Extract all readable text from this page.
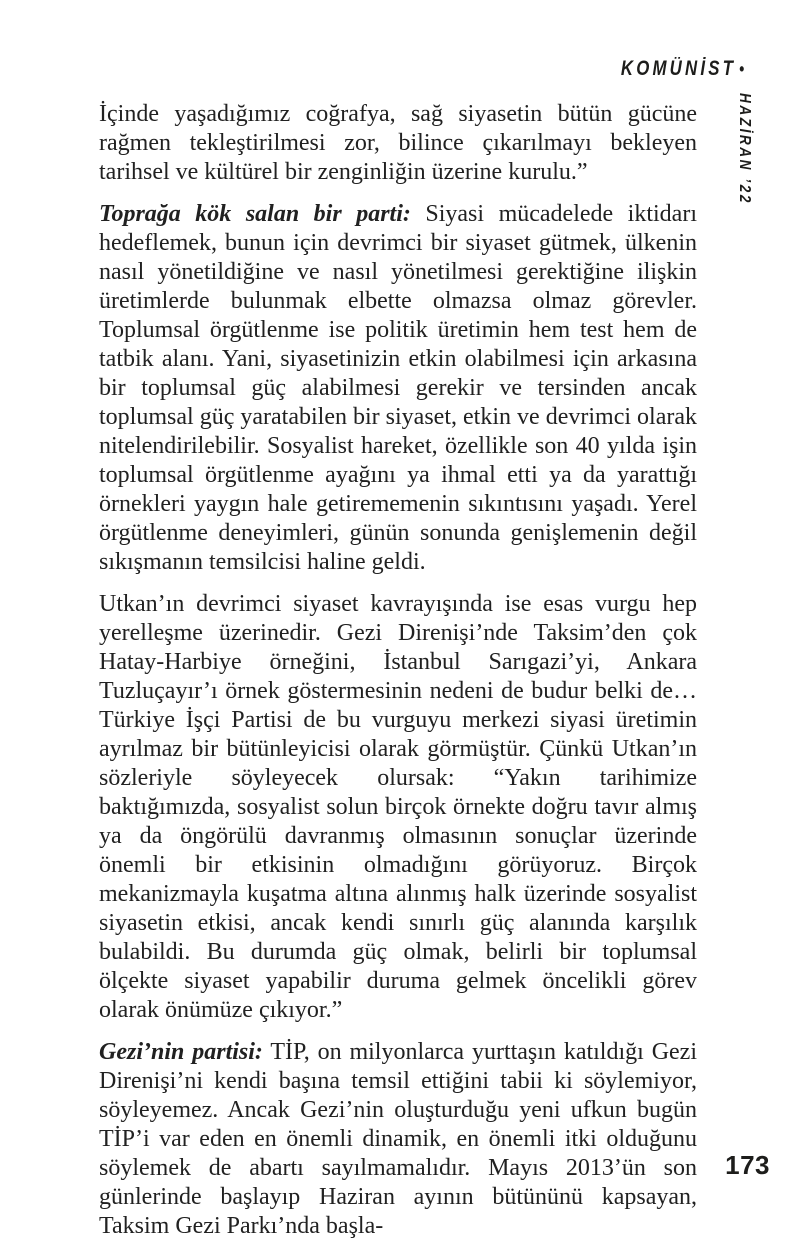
KOMÜNİST •
HAZİRAN ’22

İçinde yaşadığımız coğrafya, sağ siyasetin bütün gücüne rağmen tekleştirilmesi zor, bilince çıkarılmayı bekleyen tarihsel ve kültürel bir zenginliğin üzerine kurulu.”

Toprağa kök salan bir parti: Siyasi mücadelede iktidarı hedeflemek, bunun için devrimci bir siyaset gütmek, ülkenin nasıl yönetildiğine ve nasıl yönetilmesi gerektiğine ilişkin üretimlerde bulunmak elbette olmazsa olmaz görevler. Toplumsal örgütlenme ise politik üretimin hem test hem de tatbik alanı. Yani, siyasetinizin etkin olabilmesi için arkasına bir toplumsal güç alabilmesi gerekir ve tersinden ancak toplumsal güç yaratabilen bir siyaset, etkin ve devrimci olarak nitelendirilebilir. Sosyalist hareket, özellikle son 40 yılda işin toplumsal örgütlenme ayağını ya ihmal etti ya da yarattığı örnekleri yaygın hale getirememenin sıkıntısını yaşadı. Yerel örgütlenme deneyimleri, günün sonunda genişlemenin değil sıkışmanın temsilcisi haline geldi.

Utkan’ın devrimci siyaset kavrayışında ise esas vurgu hep yerelleşme üzerinedir. Gezi Direnişi’nde Taksim’den çok Hatay-Harbiye örneğini, İstanbul Sarıgazi’yi, Ankara Tuzluçayır’ı örnek göstermesinin nedeni de budur belki de… Türkiye İşçi Partisi de bu vurguyu merkezi siyasi üretimin ayrılmaz bir bütünleyicisi olarak görmüştür. Çünkü Utkan’ın sözleriyle söyleyecek olursak: “Yakın tarihimize baktığımızda, sosyalist solun birçok örnekte doğru tavır almış ya da öngörülü davranmış olmasının sonuçlar üzerinde önemli bir etkisinin olmadığını görüyoruz. Birçok mekanizmayla kuşatma altına alınmış halk üzerinde sosyalist siyasetin etkisi, ancak kendi sınırlı güç alanında karşılık bulabildi. Bu durumda güç olmak, belirli bir toplumsal ölçekte siyaset yapabilir duruma gelmek öncelikli görev olarak önümüze çıkıyor.”

Gezi’nin partisi: TİP, on milyonlarca yurttaşın katıldığı Gezi Direnişi’ni kendi başına temsil ettiğini tabii ki söylemiyor, söyleyemez. Ancak Gezi’nin oluşturduğu yeni ufkun bugün TİP’i var eden en önemli dinamik, en önemli itki olduğunu söylemek de abartı sayılmamalıdır. Mayıs 2013’ün son günlerinde başlayıp Haziran ayının bütününü kapsayan, Taksim Gezi Parkı’nda başla-

173
